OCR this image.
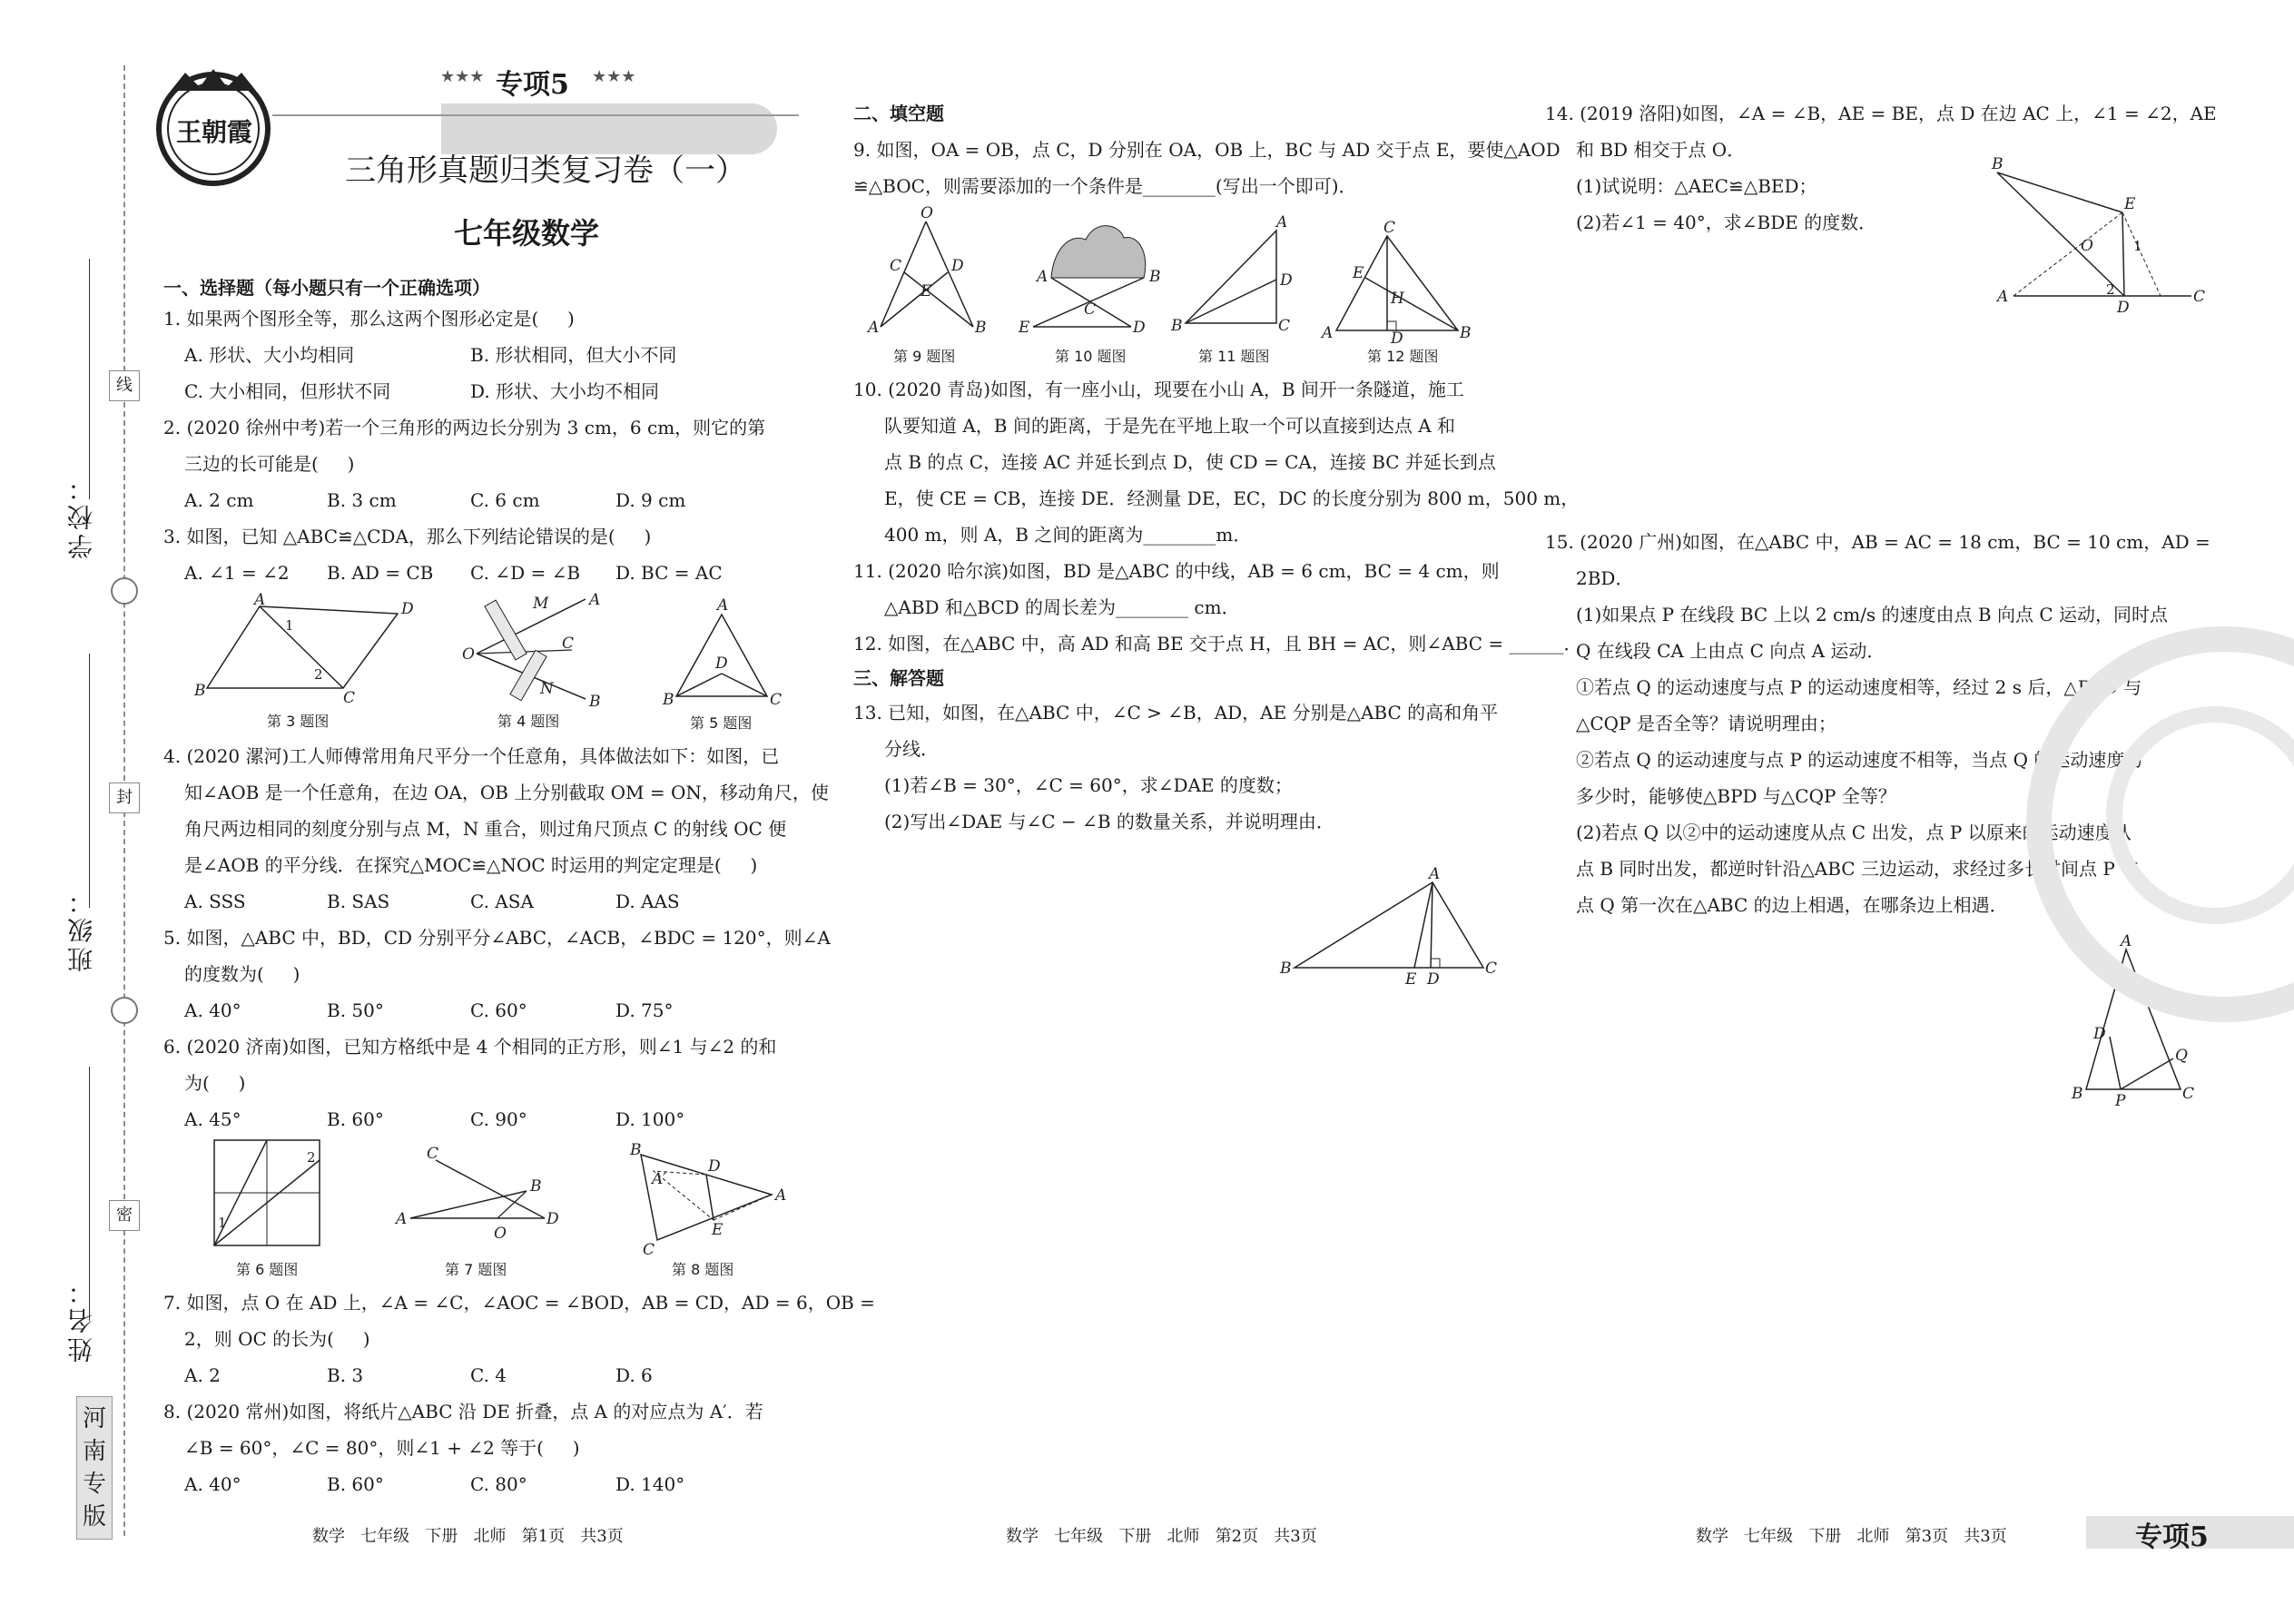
线
封
密
学校：
班级：
姓名：
河南专版
王朝霞
★★★ 专项5 ★★★
三角形真题归类复习卷（一）
七年级数学
一、选择题（每小题只有一个正确选项）
1. 如果两个图形全等，那么这两个图形必定是(     )
A. 形状、大小均相同	B. 形状相同，但大小不同
C. 大小相同，但形状不同	D. 形状、大小均不相同
2. (2020 徐州中考)若一个三角形的两边长分别为 3 cm，6 cm，则它的第
三边的长可能是(     )
A. 2 cm	B. 3 cm	C. 6 cm	D. 9 cm
3. 如图，已知 △ABC≌△CDA，那么下列结论错误的是(     )
A. ∠1 = ∠2 B. AD = CB C. ∠D = ∠B D. BC = AC
A	D
B	C
1
2
O
M	A
C
N
B
A
B	C
D
第 3 题图	第 4 题图	第 5 题图
4. (2020 漯河)工人师傅常用角尺平分一个任意角，具体做法如下：如图，已
知∠AOB 是一个任意角，在边 OA，OB 上分别截取 OM = ON，移动角尺，使
角尺两边相同的刻度分别与点 M，N 重合，则过角尺顶点 C 的射线 OC 便
是∠AOB 的平分线．在探究△MOC≌△NOC 时运用的判定定理是(     )
A. SSS	B. SAS	C. ASA	D. AAS
5. 如图，△ABC 中，BD，CD 分别平分∠ABC，∠ACB，∠BDC = 120°，则∠A
的度数为(     )
A. 40°	B. 50°	C. 60°	D. 75°
6. (2020 济南)如图，已知方格纸中是 4 个相同的正方形，则∠1 与∠2 的和
为(     )
A. 45°	B. 60°	C. 90°	D. 100°
2
1	A
C
B
D
O
B
A
C
D
E
A′
第 6 题图	第 7 题图	第 8 题图
7. 如图，点 O 在 AD 上，∠A = ∠C，∠AOC = ∠BOD，AB = CD，AD = 6，OB =
2，则 OC 的长为(     )
A. 2	B. 3	C. 4	D. 6
8. (2020 常州)如图，将纸片△ABC 沿 DE 折叠，点 A 的对应点为 A′．若
∠B = 60°，∠C = 80°，则∠1 + ∠2 等于(     )
A. 40°	B. 60°	C. 80°	D. 140°
二、填空题
9. 如图，OA = OB，点 C，D 分别在 OA，OB 上，BC 与 AD 交于点 E，要使△AOD
≌△BOC，则需要添加的一个条件是________(写出一个即可)．
O
A	B
C	D
E
A	B
C
E	D
A
B	C
D
C
A	B
E
H
D
第 9 题图	第 10 题图	第 11 题图	第 12 题图
10. (2020 青岛)如图，有一座小山，现要在小山 A，B 间开一条隧道，施工
队要知道 A，B 间的距离，于是先在平地上取一个可以直接到达点 A 和
点 B 的点 C，连接 AC 并延长到点 D，使 CD = CA，连接 BC 并延长到点
E，使 CE = CB，连接 DE．经测量 DE，EC，DC 的长度分别为 800 m，500 m，
400 m，则 A，B 之间的距离为________m．
11. (2020 哈尔滨)如图，BD 是△ABC 的中线，AB = 6 cm，BC = 4 cm，则
△ABD 和△BCD 的周长差为________ cm．
12. 如图，在△ABC 中，高 AD 和高 BE 交于点 H，且 BH = AC，则∠ABC = ______．
三、解答题
13. 已知，如图，在△ABC 中，∠C > ∠B，AD，AE 分别是△ABC 的高和角平
分线．
(1)若∠B = 30°，∠C = 60°，求∠DAE 的度数；
(2)写出∠DAE 与∠C − ∠B 的数量关系，并说明理由．
A
B	C
E D
14. (2019 洛阳)如图，∠A = ∠B，AE = BE，点 D 在边 AC 上，∠1 = ∠2，AE
和 BD 相交于点 O．
(1)试说明：△AEC≌△BED；
(2)若∠1 = 40°，求∠BDE 的度数．
B
A	C
D
E
O
2
1
15. (2020 广州)如图，在△ABC 中，AB = AC = 18 cm，BC = 10 cm，AD =
2BD．
(1)如果点 P 在线段 BC 上以 2 cm/s 的速度由点 B 向点 C 运动，同时点
Q 在线段 CA 上由点 C 向点 A 运动．
①若点 Q 的运动速度与点 P 的运动速度相等，经过 2 s 后，△BPD 与
△CQP 是否全等？请说明理由；
②若点 Q 的运动速度与点 P 的运动速度不相等，当点 Q 的运动速度为
多少时，能够使△BPD 与△CQP 全等？
(2)若点 Q 以②中的运动速度从点 C 出发，点 P 以原来的运动速度从
点 B 同时出发，都逆时针沿△ABC 三边运动，求经过多长时间点 P 与
点 Q 第一次在△ABC 的边上相遇，在哪条边上相遇．
A
B	C
D
Q
P
数学   七年级   下册   北师   第1页   共3页	数学   七年级   下册   北师   第2页   共3页	数学   七年级   下册   北师   第3页   共3页	专项5
